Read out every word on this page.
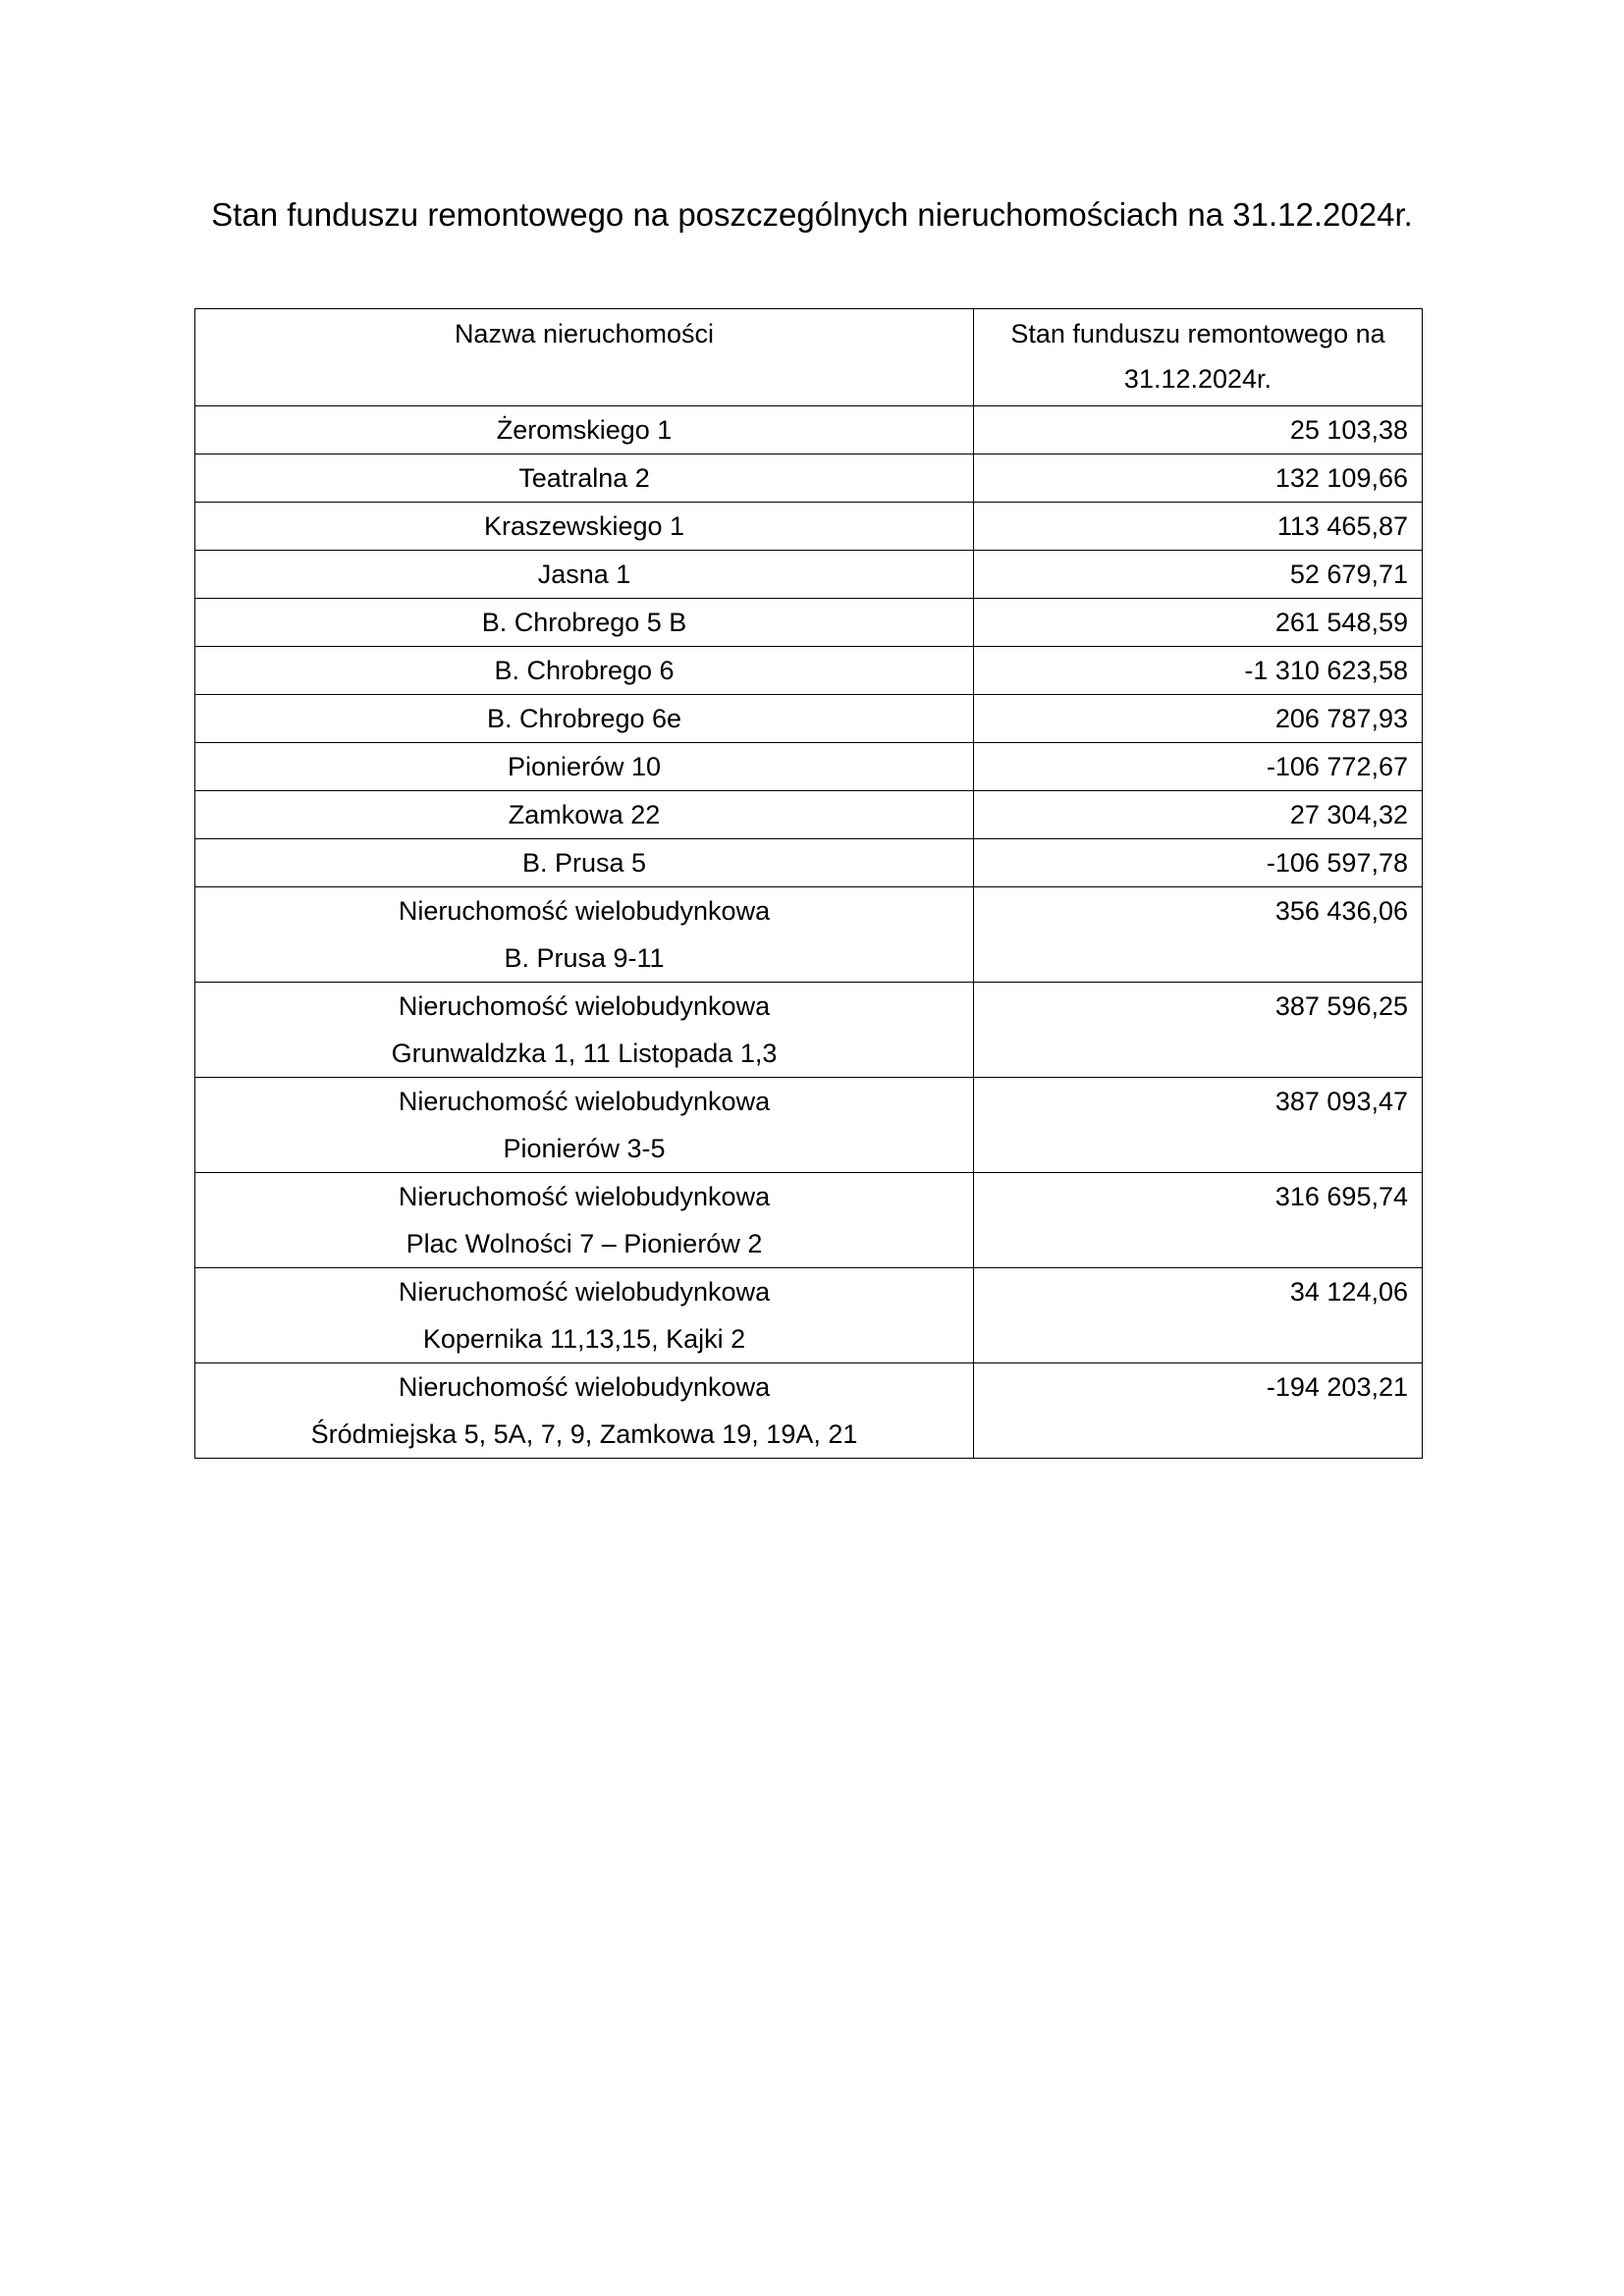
Stan funduszu remontowego na poszczególnych nieruchomościach na 31.12.2024r.
Nazwa nieruchomości	Stan funduszu remontowego na
31.12.2024r.

Żeromskiego 1	25 103,38
Teatralna 2	132 109,66
Kraszewskiego 1	113 465,87
Jasna 1	52 679,71
B. Chrobrego 5 B	261 548,59
B. Chrobrego 6	-1 310 623,58
B. Chrobrego 6e	206 787,93
Pionierów 10	-106 772,67
Zamkowa 22	27 304,32
B. Prusa 5	-106 597,78

Nieruchomość wielobudynkowa
B. Prusa 9-11	356 436,06

Nieruchomość wielobudynkowa
Grunwaldzka 1, 11 Listopada 1,3	387 596,25

Nieruchomość wielobudynkowa
Pionierów 3-5	387 093,47

Nieruchomość wielobudynkowa
Plac Wolności 7 – Pionierów 2	316 695,74

Nieruchomość wielobudynkowa
Kopernika 11,13,15, Kajki 2	34 124,06

Nieruchomość wielobudynkowa
Śródmiejska 5, 5A, 7, 9, Zamkowa 19, 19A, 21	-194 203,21
